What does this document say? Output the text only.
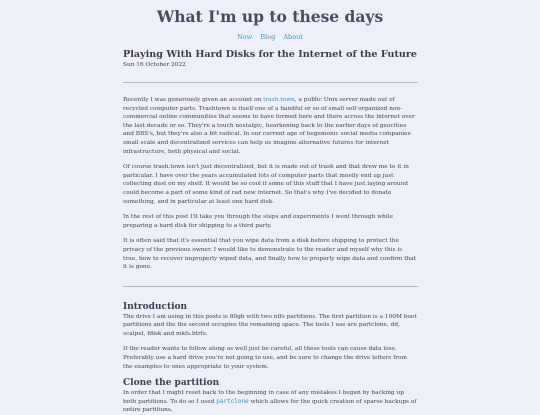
What I'm up to these days
Now Blog About
Playing With Hard Disks for the Internet of the Future
Sun 16 October 2022

Recently I was generously given an account on trash.town, a public Unix server made out of recycled computer parts. Trashtown is itself one of a handful or so of small self organized non-commercial online communities that seems to have formed here and there across the internet over the last decade or so. They're a touch nostalgic, hearkening back to the earlier days of geocities and BBS's, but they're also a bit radical. In our current age of hegemonic social media companies small scale and decentralized services can help us imagine alternative futures for internet infrastructure, both physical and social.

Of course trash.town isn't just decentralized, but it is made out of trash and that drew me to it in particular. I have over the years accumulated lots of computer parts that mostly end up just collecting dust on my shelf. It would be so cool if some of this stuff that I have just laying around could become a part of some kind of rad new internet. So that's why I've decided to donate something, and in particular at least one hard disk.

In the rest of this post I'll take you through the steps and experiments I went through while preparing a hard disk for shipping to a third party.

It is often said that it's essential that you wipe data from a disk before shipping to protect the privacy of the previous owner. I would like to demonstrate to the reader and myself why this is true, how to recover improperly wiped data, and finally how to properly wipe data and confirm that it is gone.

Introduction

The drive I am using in this posts is 80gb with two ntfs partitions. The first partition is a 100M boot partitions and the the second occupies the remaining space. The tools I use are partclone, dd, scalpel, fdisk and mkfs.btrfs.

If the reader wants to follow along as well just be careful, all these tools can cause data loss. Preferably use a hard drive you're not going to use, and be sure to change the drive letters from the examples to ones appropriate to your system.

Clone the partition

In order that I might reset back to the beginning in case of any mistakes I began by backing up both partitions. To do so I used partclone which allows for the quick creation of sparse backups of entire partitions.
